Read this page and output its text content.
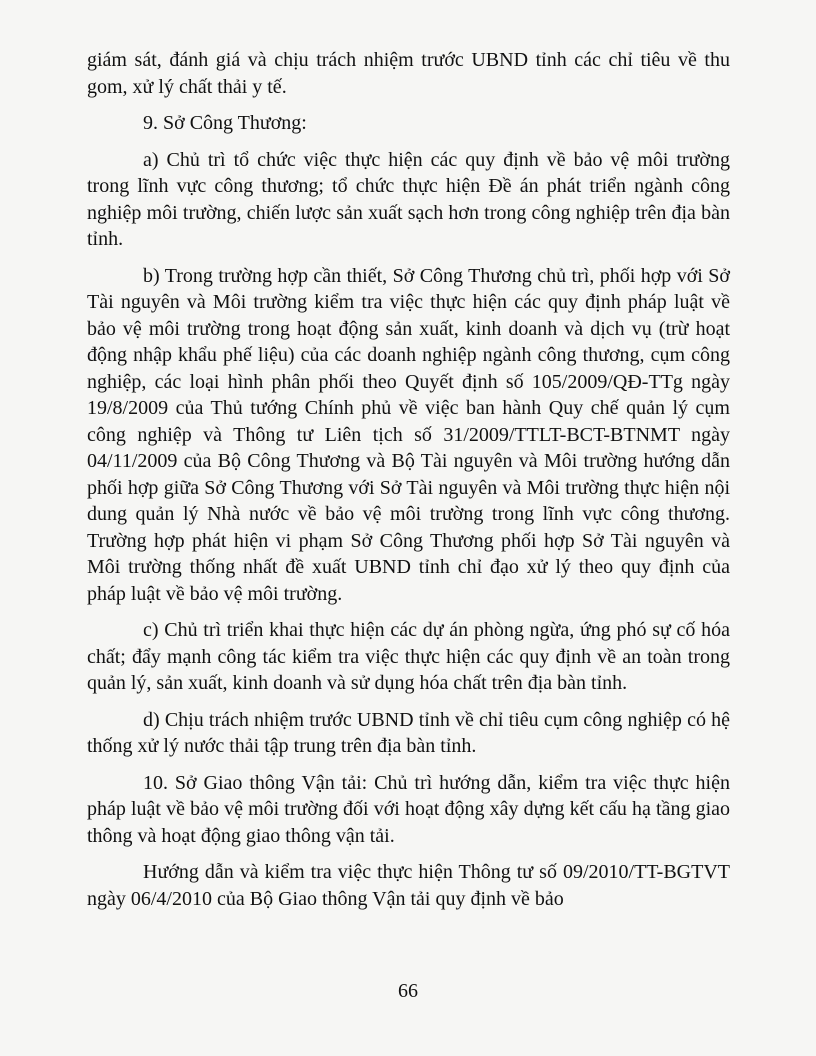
giám sát, đánh giá và chịu trách nhiệm trước UBND tỉnh các chỉ tiêu về thu gom, xử lý chất thải y tế.

9. Sở Công Thương:

a) Chủ trì tổ chức việc thực hiện các quy định về bảo vệ môi trường trong lĩnh vực công thương; tổ chức thực hiện Đề án phát triển ngành công nghiệp môi trường, chiến lược sản xuất sạch hơn trong công nghiệp trên địa bàn tỉnh.

b) Trong trường hợp cần thiết, Sở Công Thương chủ trì, phối hợp với Sở Tài nguyên và Môi trường kiểm tra việc thực hiện các quy định pháp luật về bảo vệ môi trường trong hoạt động sản xuất, kinh doanh và dịch vụ (trừ hoạt động nhập khẩu phế liệu) của các doanh nghiệp ngành công thương, cụm công nghiệp, các loại hình phân phối theo Quyết định số 105/2009/QĐ-TTg ngày 19/8/2009 của Thủ tướng Chính phủ về việc ban hành Quy chế quản lý cụm công nghiệp và Thông tư Liên tịch số 31/2009/TTLT-BCT-BTNMT ngày 04/11/2009 của Bộ Công Thương và Bộ Tài nguyên và Môi trường hướng dẫn phối hợp giữa Sở Công Thương với Sở Tài nguyên và Môi trường thực hiện nội dung quản lý Nhà nước về bảo vệ môi trường trong lĩnh vực công thương. Trường hợp phát hiện vi phạm Sở Công Thương phối hợp Sở Tài nguyên và Môi trường thống nhất đề xuất UBND tỉnh chỉ đạo xử lý theo quy định của pháp luật về bảo vệ môi trường.

c) Chủ trì triển khai thực hiện các dự án phòng ngừa, ứng phó sự cố hóa chất; đẩy mạnh công tác kiểm tra việc thực hiện các quy định về an toàn trong quản lý, sản xuất, kinh doanh và sử dụng hóa chất trên địa bàn tỉnh.

d) Chịu trách nhiệm trước UBND tỉnh về chỉ tiêu cụm công nghiệp có hệ thống xử lý nước thải tập trung trên địa bàn tỉnh.

10. Sở Giao thông Vận tải: Chủ trì hướng dẫn, kiểm tra việc thực hiện pháp luật về bảo vệ môi trường đối với hoạt động xây dựng kết cấu hạ tầng giao thông và hoạt động giao thông vận tải.

Hướng dẫn và kiểm tra việc thực hiện Thông tư số 09/2010/TT-BGTVT ngày 06/4/2010 của Bộ Giao thông Vận tải quy định về bảo

66
